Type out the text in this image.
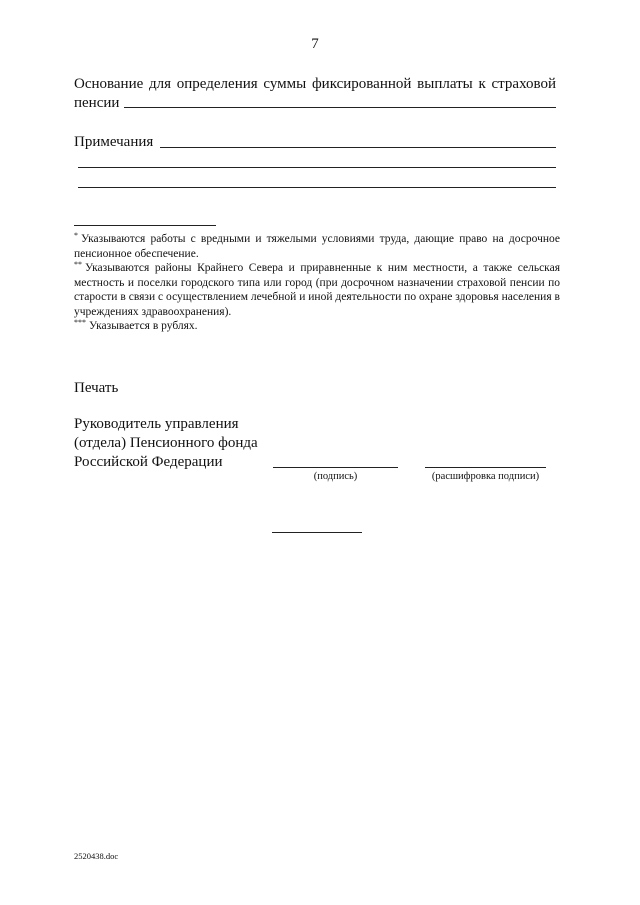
7
Основание для определения суммы фиксированной выплаты к страховой
пенсии
Примечания

* Указываются работы с вредными и тяжелыми условиями труда, дающие право на досрочное пенсионное обеспечение.

** Указываются районы Крайнего Севера и приравненные к ним местности, а также сельская местность и поселки городского типа или город (при досрочном назначении страховой пенсии по старости в связи с осуществлением лечебной и иной деятельности по охране здоровья населения в учреждениях здравоохранения).

*** Указывается в рублях.

Печать
Руководитель управления
(отдела) Пенсионного фонда
Российской Федерации
(подпись)	(расшифровка подписи)
2520438.doc
